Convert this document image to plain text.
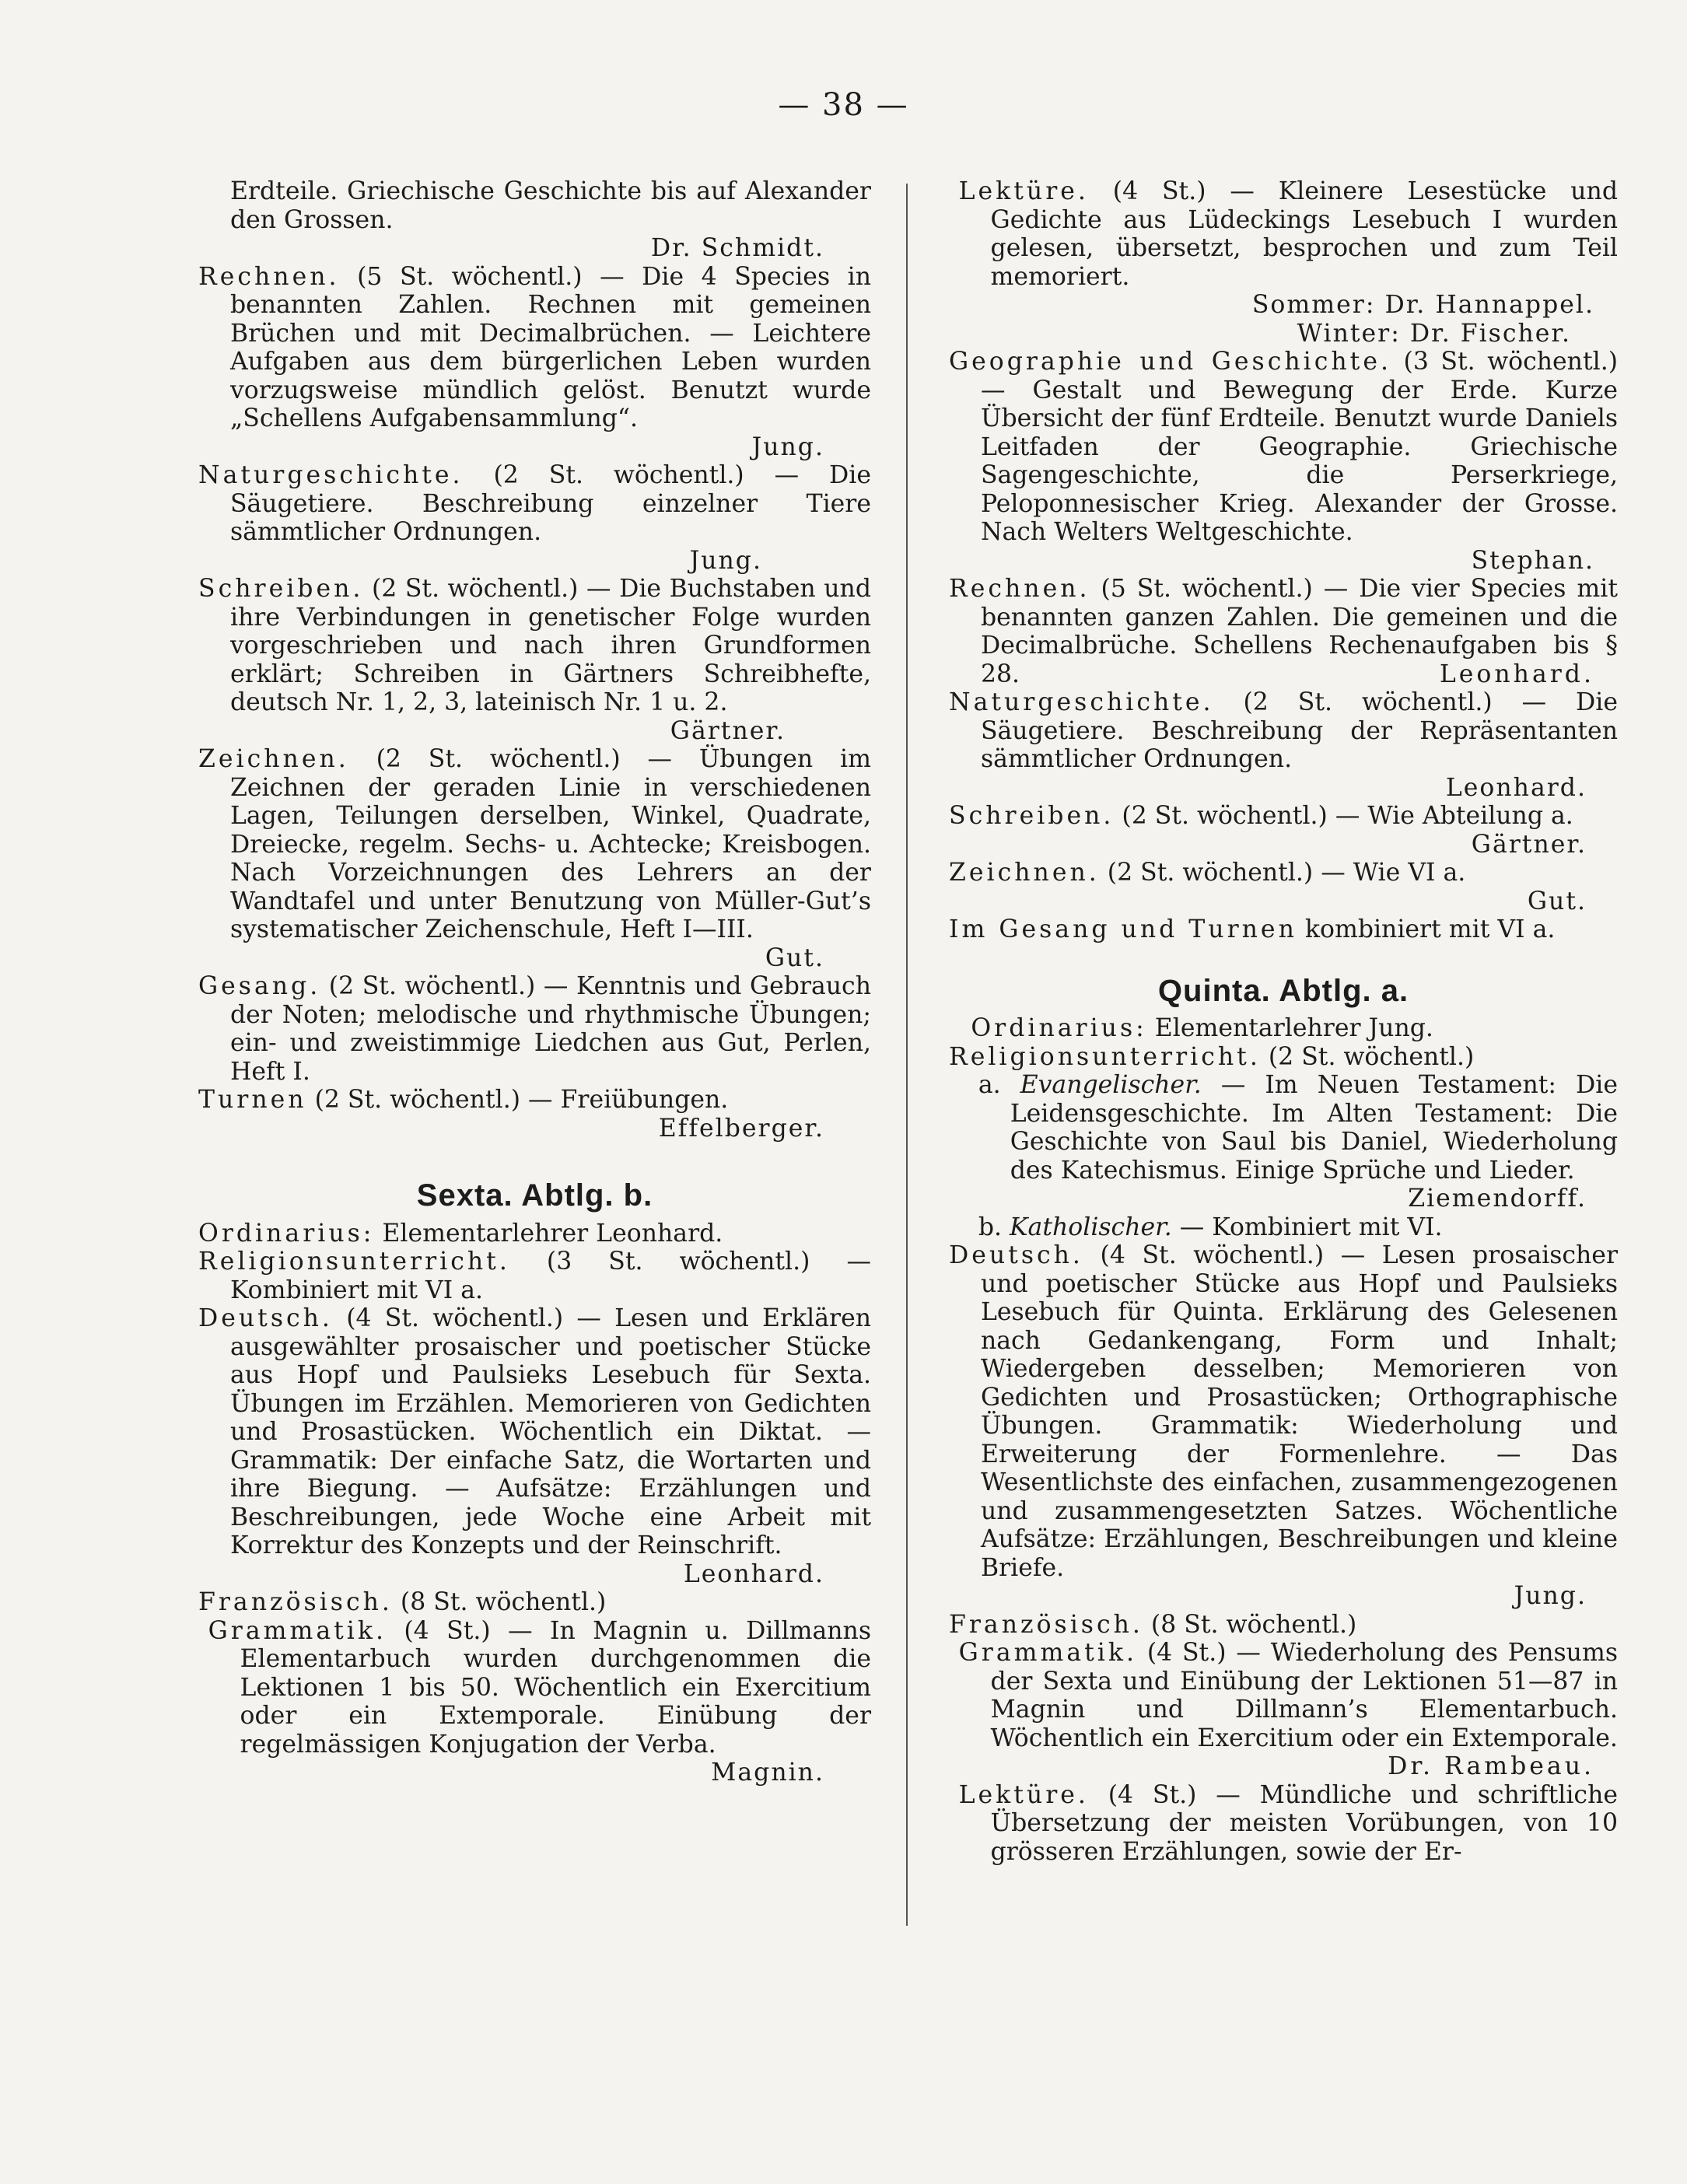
— 38 —

Erdteile. Griechische Geschichte bis auf Alexander den Grossen.

Dr. Schmidt.

Rechnen. (5 St. wöchentl.) — Die 4 Species in benannten Zahlen. Rechnen mit gemeinen Brüchen und mit Decimalbrüchen. — Leichtere Aufgaben aus dem bürgerlichen Leben wurden vorzugsweise mündlich gelöst. Benutzt wurde „Schellens Aufgabensammlung“.

Jung.

Naturgeschichte. (2 St. wöchentl.) — Die Säugetiere. Beschreibung einzelner Tiere sämmtlicher Ordnungen.

Jung.

Schreiben. (2 St. wöchentl.) — Die Buchstaben und ihre Verbindungen in genetischer Folge wurden vorgeschrieben und nach ihren Grundformen erklärt; Schreiben in Gärtners Schreibhefte, deutsch Nr. 1, 2, 3, lateinisch Nr. 1 u. 2.

Gärtner.

Zeichnen. (2 St. wöchentl.) — Übungen im Zeichnen der geraden Linie in verschiedenen Lagen, Teilungen derselben, Winkel, Quadrate, Dreiecke, regelm. Sechs- u. Achtecke; Kreisbogen. Nach Vorzeichnungen des Lehrers an der Wandtafel und unter Benutzung von Müller-Gut’s systematischer Zeichenschule, Heft I—III.

Gut.

Gesang. (2 St. wöchentl.) — Kenntnis und Gebrauch der Noten; melodische und rhythmische Übungen; ein- und zweistimmige Liedchen aus Gut, Perlen, Heft I.

Turnen (2 St. wöchentl.) — Freiübungen.

Effelberger.

Sexta. Abtlg. b.

Ordinarius: Elementarlehrer Leonhard.

Religionsunterricht. (3 St. wöchentl.) — Kombiniert mit VI a.

Deutsch. (4 St. wöchentl.) — Lesen und Erklären ausgewählter prosaischer und poetischer Stücke aus Hopf und Paulsieks Lesebuch für Sexta. Übungen im Erzählen. Memorieren von Gedichten und Prosastücken. Wöchentlich ein Diktat. — Grammatik: Der einfache Satz, die Wortarten und ihre Biegung. — Aufsätze: Erzählungen und Beschreibungen, jede Woche eine Arbeit mit Korrektur des Konzepts und der Reinschrift.

Leonhard.

Französisch. (8 St. wöchentl.)

Grammatik. (4 St.) — In Magnin u. Dillmanns Elementarbuch wurden durchgenommen die Lektionen 1 bis 50. Wöchentlich ein Exercitium oder ein Extemporale. Einübung der regelmässigen Konjugation der Verba.

Magnin.

Lektüre. (4 St.) — Kleinere Lesestücke und Gedichte aus Lüdeckings Lesebuch I wurden gelesen, übersetzt, besprochen und zum Teil memoriert.

Sommer: Dr. Hannappel.

Winter: Dr. Fischer.

Geographie und Geschichte. (3 St. wöchentl.) — Gestalt und Bewegung der Erde. Kurze Übersicht der fünf Erdteile. Benutzt wurde Daniels Leitfaden der Geographie. Griechische Sagengeschichte, die Perserkriege, Peloponnesischer Krieg. Alexander der Grosse. Nach Welters Weltgeschichte.

Stephan.

Rechnen. (5 St. wöchentl.) — Die vier Species mit benannten ganzen Zahlen. Die gemeinen und die Decimalbrüche. Schellens Rechenaufgaben bis § 28.	Leonhard.

Naturgeschichte. (2 St. wöchentl.) — Die Säugetiere. Beschreibung der Repräsentanten sämmtlicher Ordnungen.

Leonhard.

Schreiben. (2 St. wöchentl.) — Wie Abteilung a.

Gärtner.

Zeichnen. (2 St. wöchentl.) — Wie VI a.

Gut.

Im Gesang und Turnen kombiniert mit VI a.

Quinta. Abtlg. a.

Ordinarius: Elementarlehrer Jung.

Religionsunterricht. (2 St. wöchentl.)

a. Evangelischer. — Im Neuen Testament: Die Leidensgeschichte. Im Alten Testament: Die Geschichte von Saul bis Daniel, Wiederholung des Katechismus. Einige Sprüche und Lieder.

Ziemendorff.

b. Katholischer. — Kombiniert mit VI.

Deutsch. (4 St. wöchentl.) — Lesen prosaischer und poetischer Stücke aus Hopf und Paulsieks Lesebuch für Quinta. Erklärung des Gelesenen nach Gedankengang, Form und Inhalt; Wiedergeben desselben; Memorieren von Gedichten und Prosastücken; Orthographische Übungen. Grammatik: Wiederholung und Erweiterung der Formenlehre. — Das Wesentlichste des einfachen, zusammengezogenen und zusammengesetzten Satzes. Wöchentliche Aufsätze: Erzählungen, Beschreibungen und kleine Briefe.

Jung.

Französisch. (8 St. wöchentl.)

Grammatik. (4 St.) — Wiederholung des Pensums der Sexta und Einübung der Lektionen 51—87 in Magnin und Dillmann’s Elementarbuch. Wöchentlich ein Exercitium oder ein Extemporale.
Dr. Rambeau.

Lektüre. (4 St.) — Mündliche und schriftliche Übersetzung der meisten Vorübungen, von 10 grösseren Erzählungen, sowie der Er-
